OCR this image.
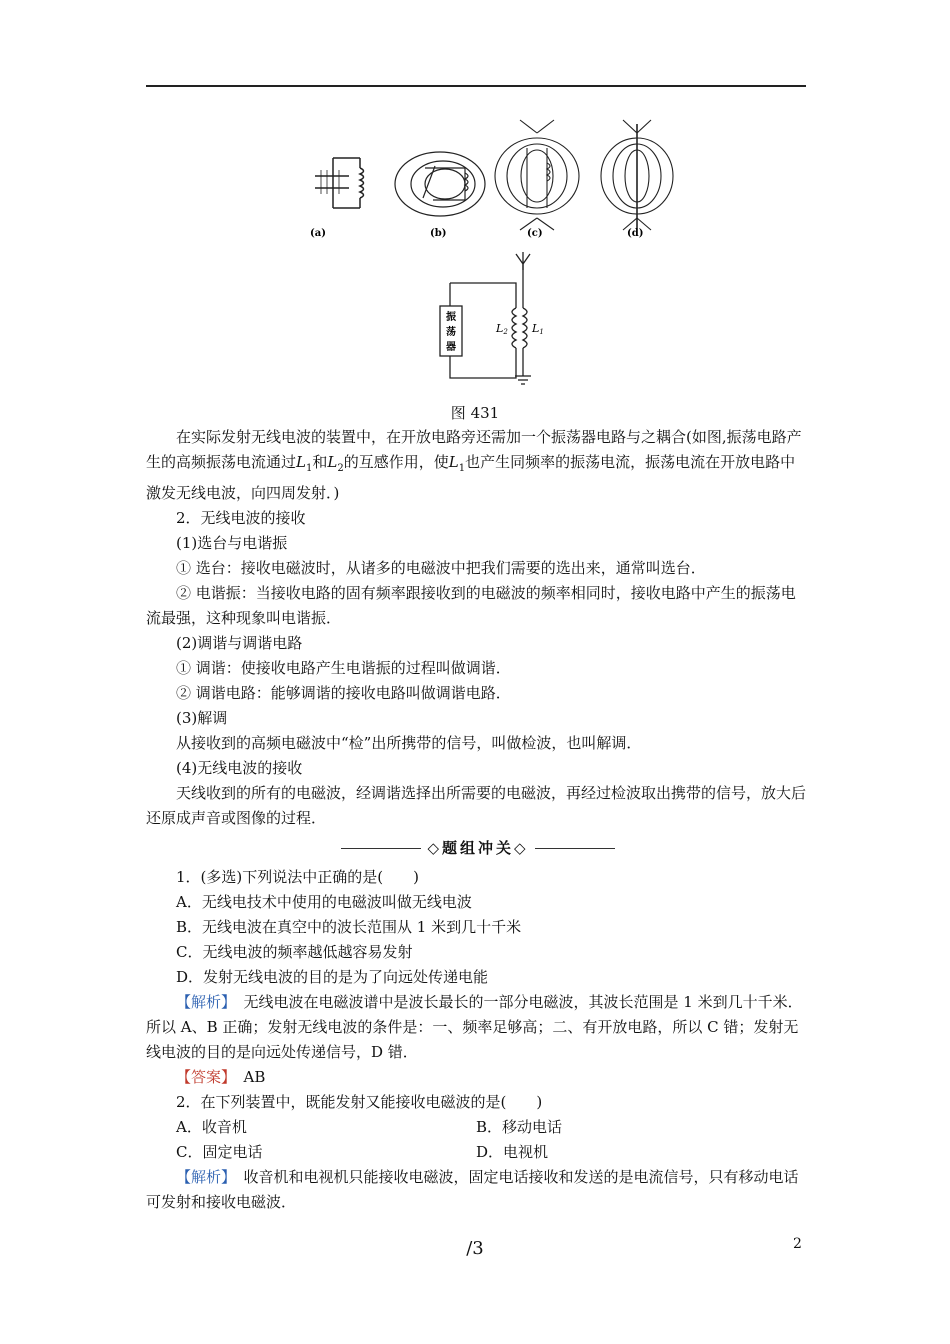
(a)	(b)	(c)	(d)
振
荡
器
L2 L1
图 431

在实际发射无线电波的装置中，在开放电路旁还需加一个振荡器电路与之耦合(如图,振荡电路产生的高频振荡电流通过$L_1$和$L_2$的互感作用，使$L_1$也产生同频率的振荡电流，振荡电流在开放电路中激发无线电波，向四周发射．)

2．无线电波的接收

(1)选台与电谐振

① 选台：接收电磁波时，从诸多的电磁波中把我们需要的选出来，通常叫选台．

② 电谐振：当接收电路的固有频率跟接收到的电磁波的频率相同时，接收电路中产生的振荡电流最强，这种现象叫电谐振．

(2)调谐与调谐电路

① 调谐：使接收电路产生电谐振的过程叫做调谐．

② 调谐电路：能够调谐的接收电路叫做调谐电路．

(3)解调

从接收到的高频电磁波中“检”出所携带的信号，叫做检波，也叫解调．

(4)无线电波的接收

天线收到的所有的电磁波，经调谐选择出所需要的电磁波，再经过检波取出携带的信号，放大后还原成声音或图像的过程．

◇题组冲关◇

1．(多选)下列说法中正确的是(　　)

A．无线电技术中使用的电磁波叫做无线电波

B．无线电波在真空中的波长范围从 1 米到几十千米

C．无线电波的频率越低越容易发射

D．发射无线电波的目的是为了向远处传递电能

【解析】　无线电波在电磁波谱中是波长最长的一部分电磁波，其波长范围是 1 米到几十千米．所以 A、B 正确；发射无线电波的条件是：一、频率足够高；二、有开放电路，所以 C 错；发射无线电波的目的是向远处传递信号，D 错．

【答案】　AB

2．在下列装置中，既能发射又能接收电磁波的是(　　)

A．收音机	B．移动电话
C．固定电话	D．电视机

【解析】　收音机和电视机只能接收电磁波，固定电话接收和发送的是电流信号，只有移动电话可发射和接收电磁波．

/3	2
